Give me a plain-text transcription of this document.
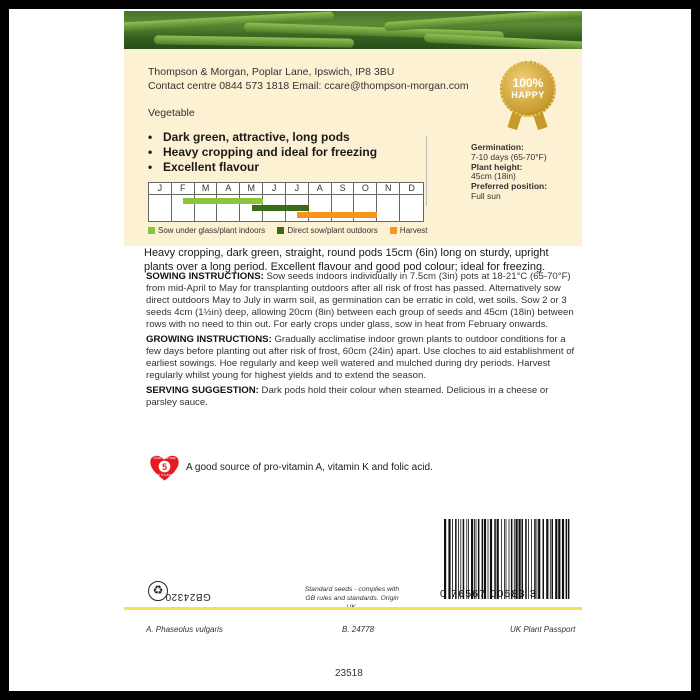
Thompson & Morgan, Poplar Lane, Ipswich, IP8 3BU
Contact centre 0844 573 1818 Email: ccare@thompson-morgan.com	100%
HAPPY
Vegetable
• Dark green, attractive, long pods
• Heavy cropping and ideal for freezing
• Excellent flavour
J	F	M	A	M	J	J	A	S	O	N	D
Sow under glass/plant indoors	Direct sow/plant outdoors	Harvest
Germination:
7-10 days (65-70°F)
Plant height:
45cm (18in)
Preferred position:
Full sun
Heavy cropping, dark green, straight, round pods 15cm (6in) long on sturdy, upright plants over a long period. Excellent flavour and good pod colour; ideal for freezing.

SOWING INSTRUCTIONS: Sow seeds indoors individually in 7.5cm (3in) pots at 18-21°C (65-70°F) from mid-April to May for transplanting outdoors after all risk of frost has passed. Alternatively sow direct outdoors May to July in warm soil, as germination can be erratic in cold, wet soils. Sow 2 or 3 seeds 4cm (1½in) deep, allowing 20cm (8in) between each group of seeds and 45cm (18in) between rows with no need to thin out. For early crops under glass, sow in heat from February onwards.

GROWING INSTRUCTIONS: Gradually acclimatise indoor grown plants to outdoor conditions for a few days before planting out after risk of frost, 60cm (24in) apart. Use cloches to aid establishment of earliest sowings. Hoe regularly and keep well watered and mulched during dry periods. Harvest regularly whilst young for highest yields and to extend the season.

SERVING SUGGESTION: Dark pods hold their colour when steamed. Delicious in a cheese or parsley sauce.

5
Grow your way
to 5 a day
A good source of pro-vitamin A, vitamin K and folic acid.
0 76567 00583 3
♻ GB24320
Standard seeds - complies with GB rules and standards. Origin
A. Phaseolus vulgaris	B. 24778	UK Plant Passport
23518
